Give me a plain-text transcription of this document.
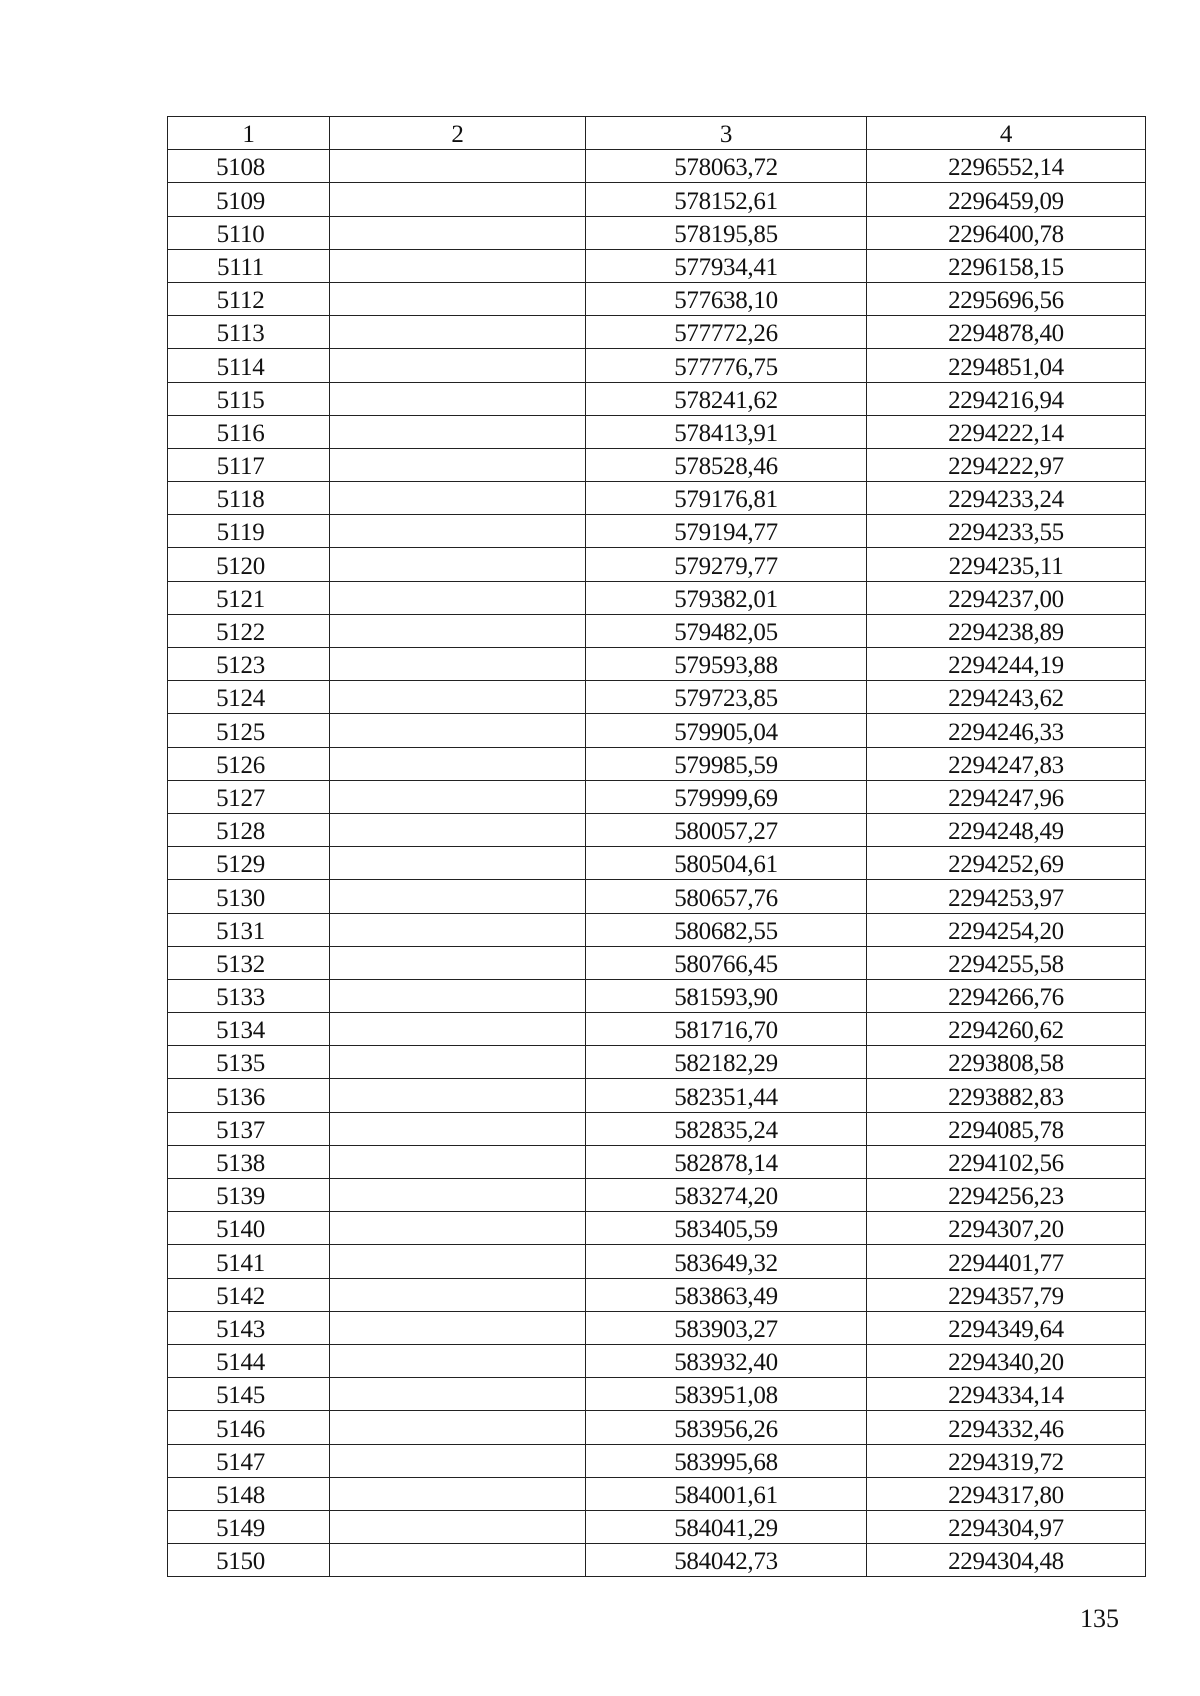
1	2	3	4
5108		578063,72	2296552,14
5109		578152,61	2296459,09
5110		578195,85	2296400,78
5111		577934,41	2296158,15
5112		577638,10	2295696,56
5113		577772,26	2294878,40
5114		577776,75	2294851,04
5115		578241,62	2294216,94
5116		578413,91	2294222,14
5117		578528,46	2294222,97
5118		579176,81	2294233,24
5119		579194,77	2294233,55
5120		579279,77	2294235,11
5121		579382,01	2294237,00
5122		579482,05	2294238,89
5123		579593,88	2294244,19
5124		579723,85	2294243,62
5125		579905,04	2294246,33
5126		579985,59	2294247,83
5127		579999,69	2294247,96
5128		580057,27	2294248,49
5129		580504,61	2294252,69
5130		580657,76	2294253,97
5131		580682,55	2294254,20
5132		580766,45	2294255,58
5133		581593,90	2294266,76
5134		581716,70	2294260,62
5135		582182,29	2293808,58
5136		582351,44	2293882,83
5137		582835,24	2294085,78
5138		582878,14	2294102,56
5139		583274,20	2294256,23
5140		583405,59	2294307,20
5141		583649,32	2294401,77
5142		583863,49	2294357,79
5143		583903,27	2294349,64
5144		583932,40	2294340,20
5145		583951,08	2294334,14
5146		583956,26	2294332,46
5147		583995,68	2294319,72
5148		584001,61	2294317,80
5149		584041,29	2294304,97
5150		584042,73	2294304,48
135
